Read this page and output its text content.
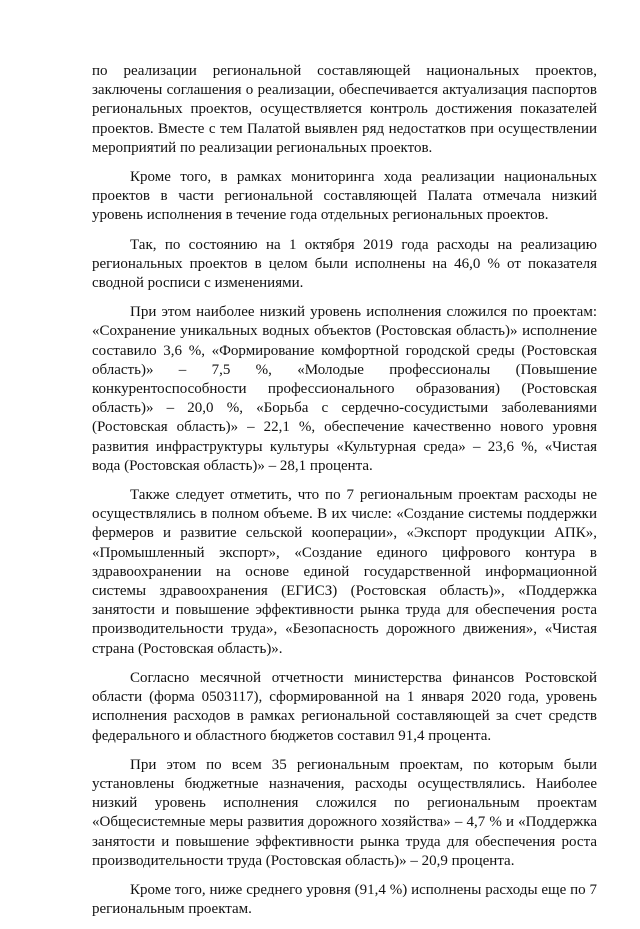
по реализации региональной составляющей национальных проектов, заключены соглашения о реализации, обеспечивается актуализация паспортов региональных проектов, осуществляется контроль достижения показателей проектов. Вместе с тем Палатой выявлен ряд недостатков при осуществлении мероприятий по реализации региональных проектов.

Кроме того, в рамках мониторинга хода реализации национальных проектов в части региональной составляющей Палата отмечала низкий уровень исполнения в течение года отдельных региональных проектов.

Так, по состоянию на 1 октября 2019 года расходы на реализацию региональных проектов в целом были исполнены на 46,0 % от показателя сводной росписи с изменениями.

При этом наиболее низкий уровень исполнения сложился по проектам: «Сохранение уникальных водных объектов (Ростовская область)» исполнение составило 3,6 %, «Формирование комфортной городской среды (Ростовская область)» – 7,5 %, «Молодые профессионалы (Повышение конкурентоспособности профессионального образования) (Ростовская область)» – 20,0 %, «Борьба с сердечно-сосудистыми заболеваниями (Ростовская область)» – 22,1 %, обеспечение качественно нового уровня развития инфраструктуры культуры «Культурная среда» – 23,6 %, «Чистая вода (Ростовская область)» – 28,1 процента.

Также следует отметить, что по 7 региональным проектам расходы не осуществлялись в полном объеме. В их числе: «Создание системы поддержки фермеров и развитие сельской кооперации», «Экспорт продукции АПК», «Промышленный экспорт», «Создание единого цифрового контура в здравоохранении на основе единой государственной информационной системы здравоохранения (ЕГИСЗ) (Ростовская область)», «Поддержка занятости и повышение эффективности рынка труда для обеспечения роста производительности труда», «Безопасность дорожного движения», «Чистая страна (Ростовская область)».

Согласно месячной отчетности министерства финансов Ростовской области (форма 0503117), сформированной на 1 января 2020 года, уровень исполнения расходов в рамках региональной составляющей за счет средств федерального и областного бюджетов составил 91,4 процента.

При этом по всем 35 региональным проектам, по которым были установлены бюджетные назначения, расходы осуществлялись. Наиболее низкий уровень исполнения сложился по региональным проектам «Общесистемные меры развития дорожного хозяйства» – 4,7 % и «Поддержка занятости и повышение эффективности рынка труда для обеспечения роста производительности труда (Ростовская область)» – 20,9 процента.

Кроме того, ниже среднего уровня (91,4 %) исполнены расходы еще по 7 региональным проектам.
